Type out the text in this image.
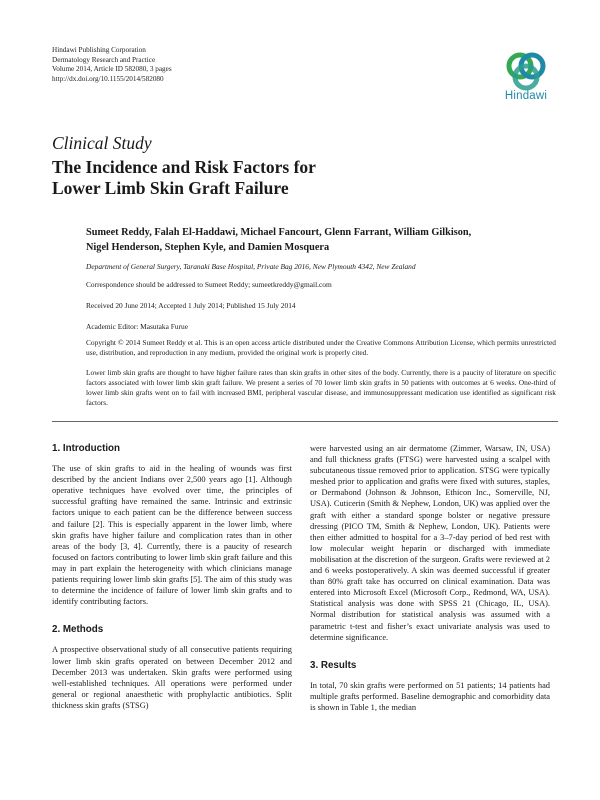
Hindawi Publishing Corporation
Dermatology Research and Practice
Volume 2014, Article ID 582080, 3 pages
http://dx.doi.org/10.1155/2014/582080
Hindawi
Clinical Study
The Incidence and Risk Factors for
Lower Limb Skin Graft Failure
Sumeet Reddy, Falah El-Haddawi, Michael Fancourt, Glenn Farrant, William Gilkison,
Nigel Henderson, Stephen Kyle, and Damien Mosquera
Department of General Surgery, Taranaki Base Hospital, Private Bag 2016, New Plymouth 4342, New Zealand
Correspondence should be addressed to Sumeet Reddy; sumeetkreddy@gmail.com
Received 20 June 2014; Accepted 1 July 2014; Published 15 July 2014
Academic Editor: Masutaka Furue
Copyright © 2014 Sumeet Reddy et al. This is an open access article distributed under the Creative Commons Attribution License, which permits unrestricted use, distribution, and reproduction in any medium, provided the original work is properly cited.
Lower limb skin grafts are thought to have higher failure rates than skin grafts in other sites of the body. Currently, there is a paucity of literature on specific factors associated with lower limb skin graft failure. We present a series of 70 lower limb skin grafts in 50 patients with outcomes at 6 weeks. One-third of lower limb skin grafts went on to fail with increased BMI, peripheral vascular disease, and immunosuppressant medication use identified as significant risk factors.
1. Introduction

The use of skin grafts to aid in the healing of wounds was first described by the ancient Indians over 2,500 years ago [1]. Although operative techniques have evolved over time, the principles of successful grafting have remained the same. Intrinsic and extrinsic factors unique to each patient can be the difference between success and failure [2]. This is especially apparent in the lower limb, where skin grafts have higher failure and complication rates than in other areas of the body [3, 4]. Currently, there is a paucity of research focused on factors contributing to lower limb skin graft failure and this may in part explain the heterogeneity with which clinicians manage patients requiring lower limb skin grafts [5]. The aim of this study was to determine the incidence of failure of lower limb skin grafts and to identify contributing factors.

2. Methods

A prospective observational study of all consecutive patients requiring lower limb skin grafts operated on between December 2012 and December 2013 was undertaken. Skin grafts were performed using well-established techniques. All operations were performed under general or regional anaesthetic with prophylactic antibiotics. Split thickness skin grafts (STSG)

were harvested using an air dermatome (Zimmer, Warsaw, IN, USA) and full thickness grafts (FTSG) were harvested using a scalpel with subcutaneous tissue removed prior to application. STSG were typically meshed prior to application and grafts were fixed with sutures, staples, or Dermabond (Johnson & Johnson, Ethicon Inc., Somerville, NJ, USA). Cuticerin (Smith & Nephew, London, UK) was applied over the graft with either a standard sponge bolster or negative pressure dressing (PICO TM, Smith & Nephew, London, UK). Patients were then either admitted to hospital for a 3–7-day period of bed rest with low molecular weight heparin or discharged with immediate mobilisation at the discretion of the surgeon. Grafts were reviewed at 2 and 6 weeks postoperatively. A skin was deemed successful if greater than 80% graft take has occurred on clinical examination. Data was entered into Microsoft Excel (Microsoft Corp., Redmond, WA, USA). Statistical analysis was done with SPSS 21 (Chicago, IL, USA). Normal distribution for statistical analysis was assumed with a parametric t-test and fisher’s exact univariate analysis was used to determine significance.

3. Results

In total, 70 skin grafts were performed on 51 patients; 14 patients had multiple grafts performed. Baseline demographic and comorbidity data is shown in Table 1, the median
